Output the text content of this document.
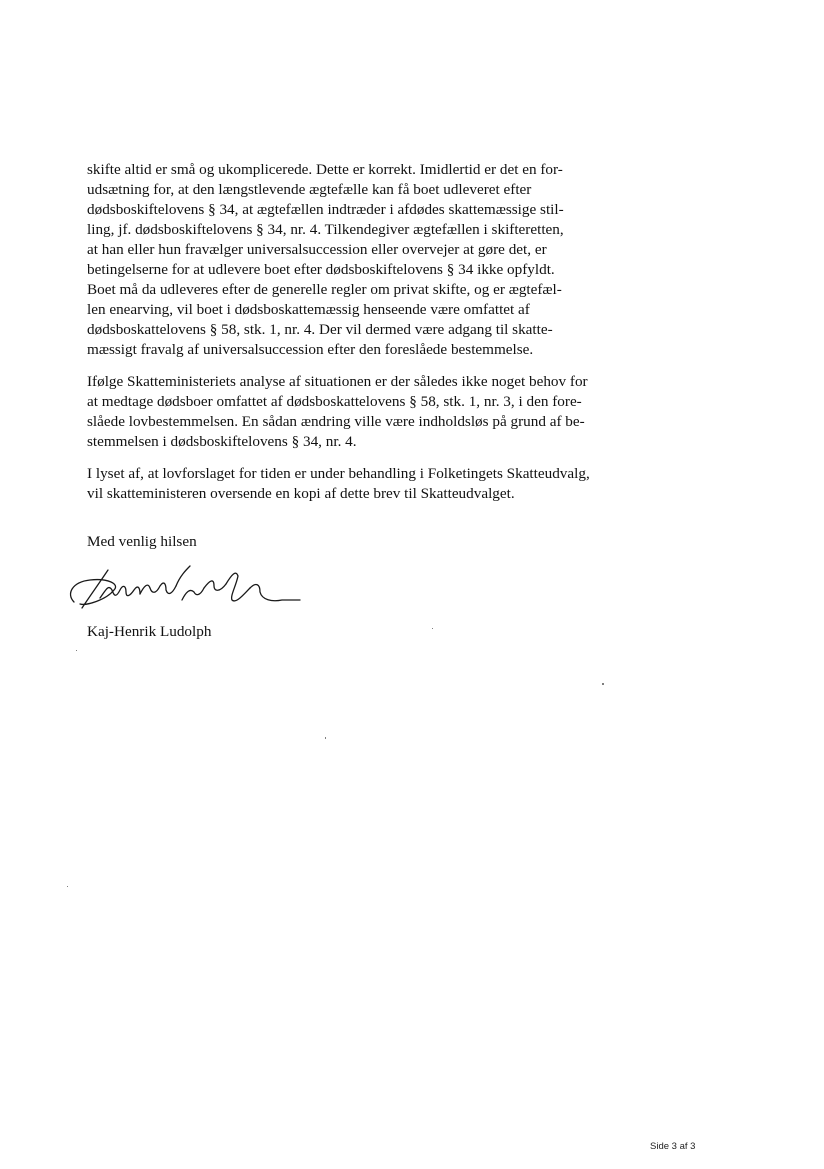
skifte altid er små og ukomplicerede. Dette er korrekt. Imidlertid er det en for-
udsætning for, at den længstlevende ægtefælle kan få boet udleveret efter
dødsboskiftelovens § 34, at ægtefællen indtræder i afdødes skattemæssige stil-
ling, jf. dødsboskiftelovens § 34, nr. 4. Tilkendegiver ægtefællen i skifteretten,
at han eller hun fravælger universalsuccession eller overvejer at gøre det, er
betingelserne for at udlevere boet efter dødsboskiftelovens § 34 ikke opfyldt.
Boet må da udleveres efter de generelle regler om privat skifte, og er ægtefæl-
len enearving, vil boet i dødsboskattemæssig henseende være omfattet af
dødsboskattelovens § 58, stk. 1, nr. 4. Der vil dermed være adgang til skatte-
mæssigt fravalg af universalsuccession efter den foreslåede bestemmelse.

Ifølge Skatteministeriets analyse af situationen er der således ikke noget behov for
at medtage dødsboer omfattet af dødsboskattelovens § 58, stk. 1, nr. 3, i den fore-
slåede lovbestemmelsen. En sådan ændring ville være indholdsløs på grund af be-
stemmelsen i dødsboskiftelovens § 34, nr. 4.

I lyset af, at lovforslaget for tiden er under behandling i Folketingets Skatteudvalg,
vil skatteministeren oversende en kopi af dette brev til Skatteudvalget.

Med venlig hilsen
Kaj-Henrik Ludolph
Side 3 af 3
